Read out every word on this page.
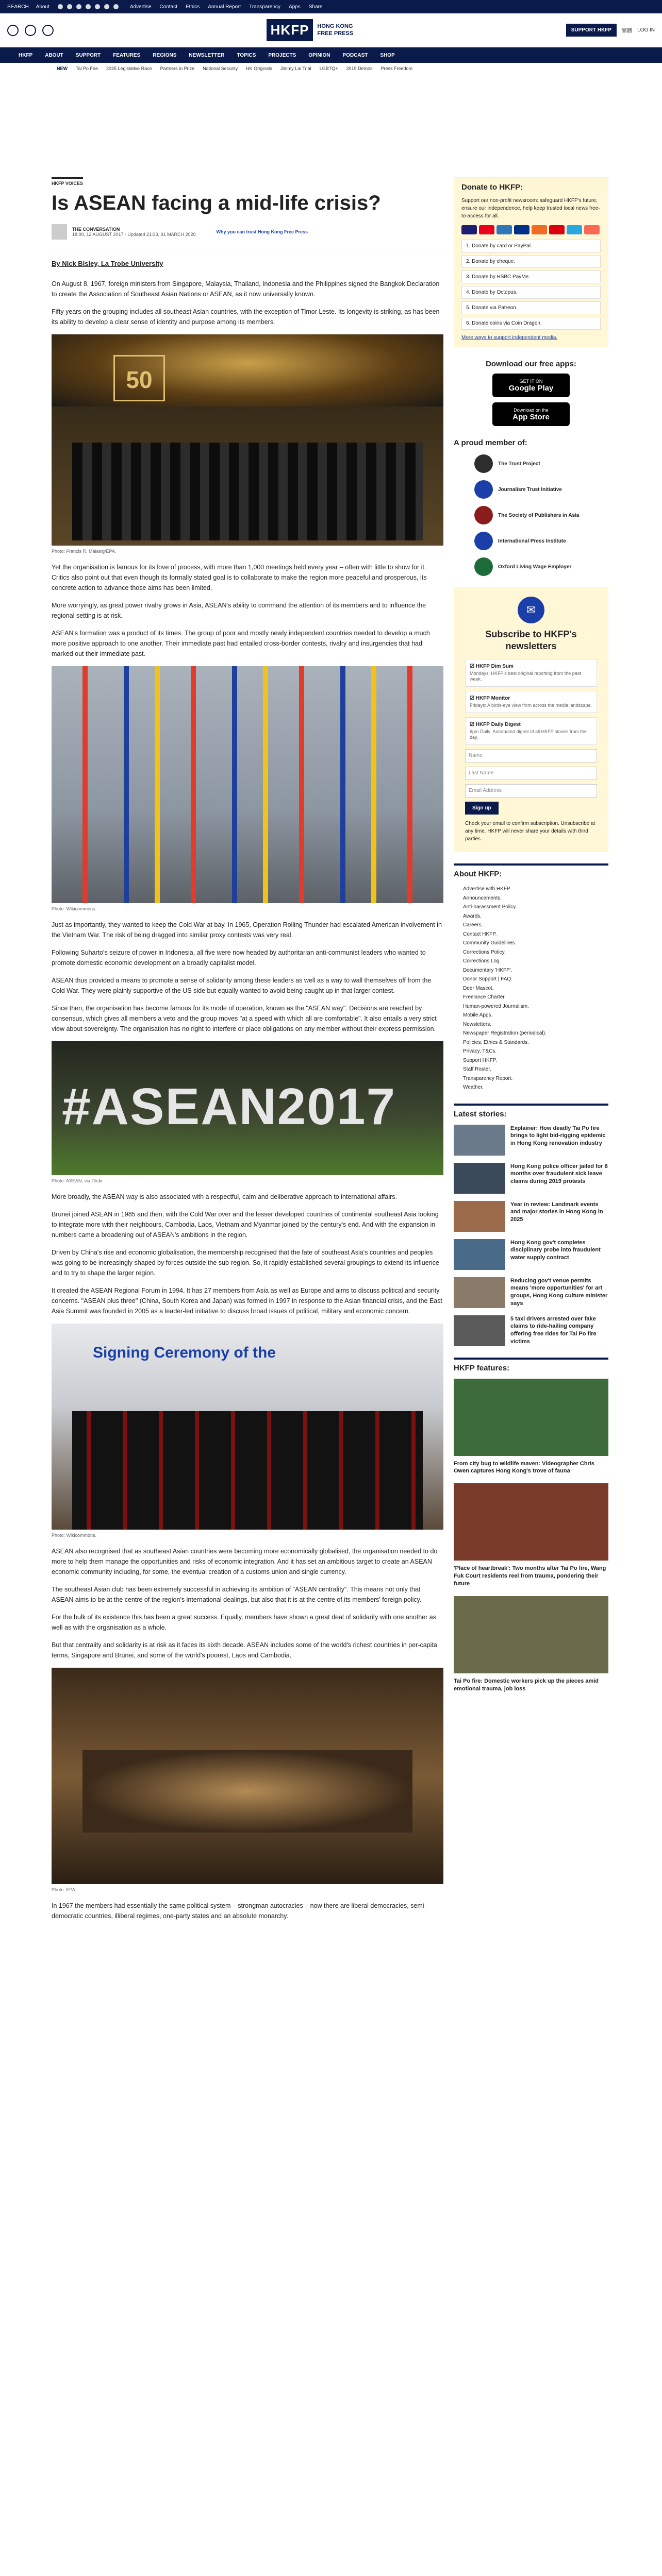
SEARCH About	Advertise Contact Ethics Annual Report Transparency Apps Share
HKFP	HONG KONG
FREE PRESS	SUPPORT HKFP	繁體 LOG IN
HKFP ABOUT SUPPORT FEATURES REGIONS NEWSLETTER TOPICS PROJECTS OPINION PODCAST SHOP
NEW Tai Po Fire 2025 Legislative Race Partners in Prize National Security HK Originals Jimmy Lai Trial LGBTQ+ 2019 Demos Press Freedom
HKFP VOICES
Is ASEAN facing a mid-life crisis?
THE CONVERSATION
18:00, 12 AUGUST 2017 · Updated 21:23, 31 MARCH 2020	Why you can trust Hong Kong Free Press
By Nick Bisley, La Trobe University

On August 8, 1967, foreign ministers from Singapore, Malaysia, Thailand, Indonesia and the Philippines signed the Bangkok Declaration to create the Association of Southeast Asian Nations or ASEAN, as it now universally known.

Fifty years on the grouping includes all southeast Asian countries, with the exception of Timor Leste. Its longevity is striking, as has been its ability to develop a clear sense of identity and purpose among its members.

50
Photo: Francis R. Malasig/EPA.

Yet the organisation is famous for its love of process, with more than 1,000 meetings held every year – often with little to show for it. Critics also point out that even though its formally stated goal is to collaborate to make the region more peaceful and prosperous, its concrete action to advance those aims has been limited.

More worryingly, as great power rivalry grows in Asia, ASEAN's ability to command the attention of its members and to influence the regional setting is at risk.

ASEAN's formation was a product of its times. The group of poor and mostly newly independent countries needed to develop a much more positive approach to one another. Their immediate past had entailed cross-border contests, rivalry and insurgencies that had marked out their immediate past.

Photo: Wikicommons.

Just as importantly, they wanted to keep the Cold War at bay. In 1965, Operation Rolling Thunder had escalated American involvement in the Vietnam War. The risk of being dragged into similar proxy contests was very real.

Following Suharto's seizure of power in Indonesia, all five were now headed by authoritarian anti-communist leaders who wanted to promote domestic economic development on a broadly capitalist model.

ASEAN thus provided a means to promote a sense of solidarity among these leaders as well as a way to wall themselves off from the Cold War. They were plainly supportive of the US side but equally wanted to avoid being caught up in that larger contest.

Since then, the organisation has become famous for its mode of operation, known as the "ASEAN way". Decisions are reached by consensus, which gives all members a veto and the group moves "at a speed with which all are comfortable". It also entails a very strict view about sovereignty. The organisation has no right to interfere or place obligations on any member without their express permission.

#ASEAN2017
Photo: ASEAN, via Flickr.

More broadly, the ASEAN way is also associated with a respectful, calm and deliberative approach to international affairs.

Brunei joined ASEAN in 1985 and then, with the Cold War over and the lesser developed countries of continental southeast Asia looking to integrate more with their neighbours, Cambodia, Laos, Vietnam and Myanmar joined by the century's end. And with the expansion in numbers came a broadening out of ASEAN's ambitions in the region.

Driven by China's rise and economic globalisation, the membership recognised that the fate of southeast Asia's countries and peoples was going to be increasingly shaped by forces outside the sub-region. So, it rapidly established several groupings to extend its influence and to try to shape the larger region.

It created the ASEAN Regional Forum in 1994. It has 27 members from Asia as well as Europe and aims to discuss political and security concerns. "ASEAN plus three" (China, South Korea and Japan) was formed in 1997 in response to the Asian financial crisis, and the East Asia Summit was founded in 2005 as a leader-led initiative to discuss broad issues of political, military and economic concern.

Signing Ceremony of the
Photo: Wikicommons.

ASEAN also recognised that as southeast Asian countries were becoming more economically globalised, the organisation needed to do more to help them manage the opportunities and risks of economic integration. And it has set an ambitious target to create an ASEAN economic community including, for some, the eventual creation of a customs union and single currency.

The southeast Asian club has been extremely successful in achieving its ambition of "ASEAN centrality". This means not only that ASEAN aims to be at the centre of the region's international dealings, but also that it is at the centre of its members' foreign policy.

For the bulk of its existence this has been a great success. Equally, members have shown a great deal of solidarity with one another as well as with the organisation as a whole.

But that centrality and solidarity is at risk as it faces its sixth decade. ASEAN includes some of the world's richest countries in per-capita terms, Singapore and Brunei, and some of the world's poorest, Laos and Cambodia.

Photo: EPA.

In 1967 the members had essentially the same political system – strongman autocracies – now there are liberal democracies, semi-democratic countries, illiberal regimes, one-party states and an absolute monarchy.

Donate to HKFP:

Support our non-profit newsroom: safeguard HKFP's future, ensure our independence, help keep trusted local news free-to-access for all.

1. Donate by card or PayPal.
2. Donate by cheque.
3. Donate by HSBC PayMe.
4. Donate by Octopus.
5. Donate via Patreon.
6. Donate coins via Coin Dragon.
More ways to support independent media.
Download our free apps:
GET IT ON
Google Play
Download on the
App Store
A proud member of:
The Trust Project
Journalism Trust Initiative
The Society of Publishers in Asia
International Press Institute
Oxford Living Wage Employer
✉
Subscribe to HKFP's newsletters
☑ HKFP Dim Sum
Mondays: HKFP's best original reporting from the past week.
☑ HKFP Monitor
Fridays: A birds-eye view from across the media landscape.
☑ HKFP Daily Digest
6pm Daily: Automated digest of all HKFP stories from the day.
Name
Last Name
Email Address
Sign up

Check your email to confirm subscription. Unsubscribe at any time. HKFP will never share your details with third parties.

About HKFP:
Advertise with HKFP.
Announcements.
Anti-harassment Policy.
Awards.
Careers.
Contact HKFP.
Community Guidelines.
Corrections Policy.
Corrections Log.
Documentary 'HKFP'.
Donor Support | FAQ.
Deer Mascot.
Freelance Charter.
Human-powered Journalism.
Mobile Apps.
Newsletters.
Newspaper Registration (periodical).
Policies, Ethics & Standards.
Privacy, T&Cs.
Support HKFP.
Staff Roster.
Transparency Report.
Weather.
Latest stories:
Explainer: How deadly Tai Po fire brings to light bid-rigging epidemic in Hong Kong renovation industry
Hong Kong police officer jailed for 6 months over fraudulent sick leave claims during 2019 protests
Year in review: Landmark events and major stories in Hong Kong in 2025
Hong Kong gov't completes disciplinary probe into fraudulent water supply contract
Reducing gov't venue permits means 'more opportunities' for art groups, Hong Kong culture minister says
5 taxi drivers arrested over fake claims to ride-hailing company offering free rides for Tai Po fire victims
HKFP features:
From city bug to wildlife maven: Videographer Chris Owen captures Hong Kong's trove of fauna
'Place of heartbreak': Two months after Tai Po fire, Wang Fuk Court residents reel from trauma, pondering their future
Tai Po fire: Domestic workers pick up the pieces amid emotional trauma, job loss
